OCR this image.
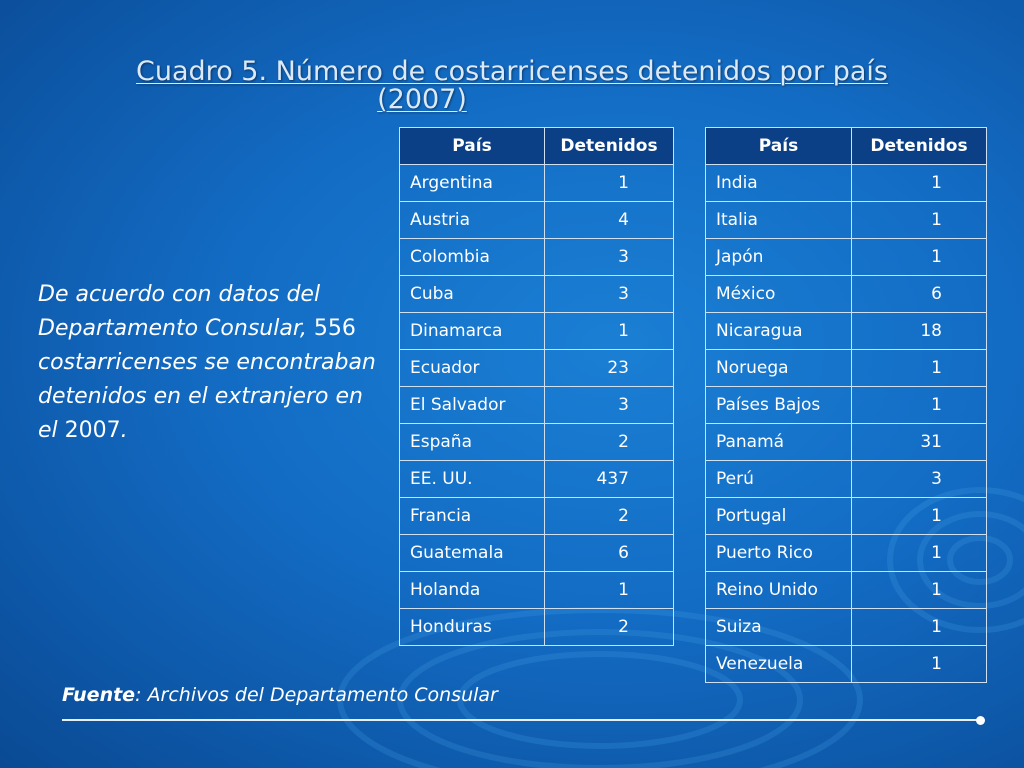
Cuadro 5. Número de costarricenses detenidos por país
(2007)
De acuerdo con datos del Departamento Consular, 556 costarricenses se encontraban detenidos en el extranjero en el 2007.
País	Detenidos
Argentina	1
Austria	4
Colombia	3
Cuba	3
Dinamarca	1
Ecuador	23
El Salvador	3
España	2
EE. UU.	437
Francia	2
Guatemala	6
Holanda	1
Honduras	2
País	Detenidos
India	1
Italia	1
Japón	1
México	6
Nicaragua	18
Noruega	1
Países Bajos	1
Panamá	31
Perú	3
Portugal	1
Puerto Rico	1
Reino Unido	1
Suiza	1
Venezuela	1
Fuente: Archivos del Departamento Consular
